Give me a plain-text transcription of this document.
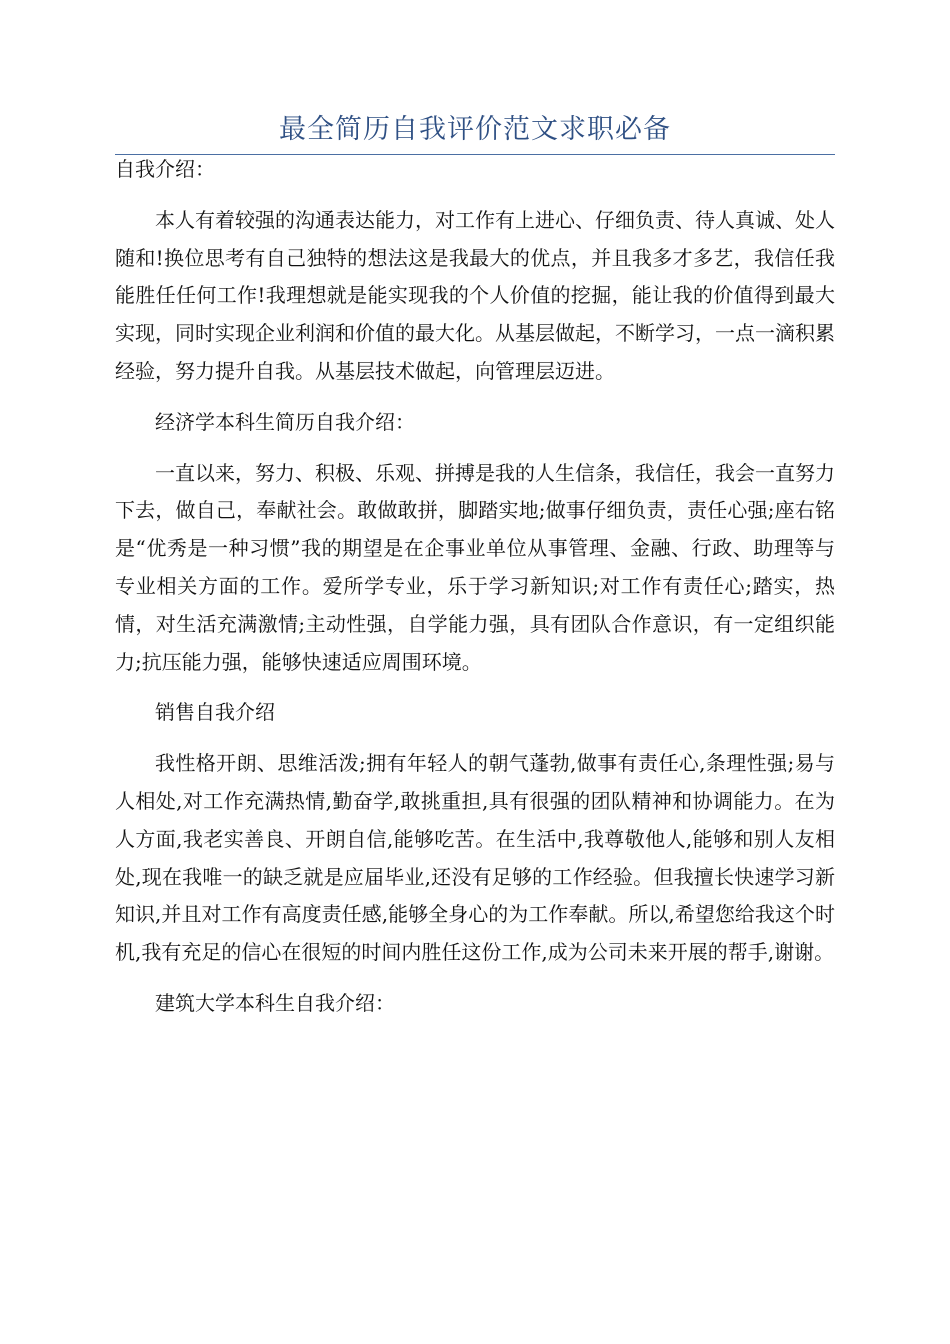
最全简历自我评价范文求职必备

自我介绍：

本人有着较强的沟通表达能力，对工作有上进心、仔细负责、待人真诚、处人随和!换位思考有自己独特的想法这是我最大的优点，并且我多才多艺，我信任我能胜任任何工作!我理想就是能实现我的个人价值的挖掘，能让我的价值得到最大实现，同时实现企业利润和价值的最大化。从基层做起，不断学习，一点一滴积累经验，努力提升自我。从基层技术做起，向管理层迈进。

经济学本科生简历自我介绍：

一直以来，努力、积极、乐观、拼搏是我的人生信条，我信任，我会一直努力下去，做自己，奉献社会。敢做敢拼，脚踏实地;做事仔细负责，责任心强;座右铭是“优秀是一种习惯”我的期望是在企事业单位从事管理、金融、行政、助理等与专业相关方面的工作。爱所学专业，乐于学习新知识;对工作有责任心;踏实，热情，对生活充满激情;主动性强，自学能力强，具有团队合作意识，有一定组织能力;抗压能力强，能够快速适应周围环境。

销售自我介绍

我性格开朗、思维活泼;拥有年轻人的朝气蓬勃,做事有责任心,条理性强;易与人相处,对工作充满热情,勤奋学,敢挑重担,具有很强的团队精神和协调能力。在为人方面,我老实善良、开朗自信,能够吃苦。在生活中,我尊敬他人,能够和别人友相处,现在我唯一的缺乏就是应届毕业,还没有足够的工作经验。但我擅长快速学习新知识,并且对工作有高度责任感,能够全身心的为工作奉献。所以,希望您给我这个时机,我有充足的信心在很短的时间内胜任这份工作,成为公司未来开展的帮手,谢谢。

建筑大学本科生自我介绍：
